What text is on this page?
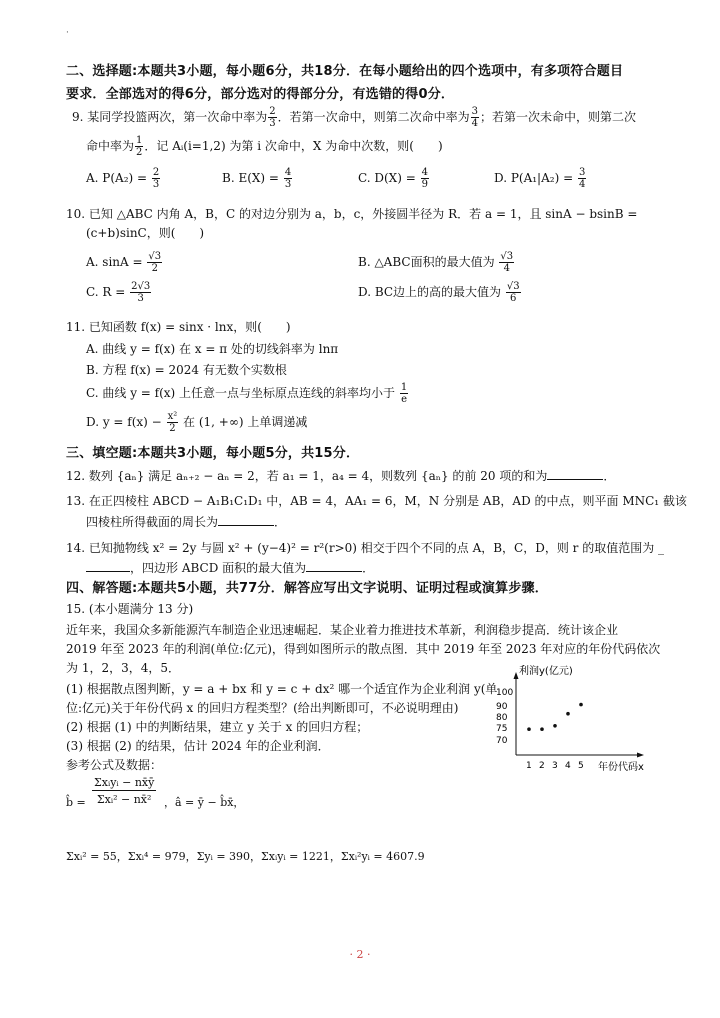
·
二、选择题:本题共3小题，每小题6分，共18分．在每小题给出的四个选项中，有多项符合题目
要求．全部选对的得6分，部分选对的得部分分，有选错的得0分．
9. 某同学投篮两次，第一次命中率为 $\frac{2}{3}$ ．若第一次命中，则第二次命中率为 $\frac{3}{4}$ ；若第一次未命中，则第二次
命中率为 $\frac{1}{2}$ ．记 Aᵢ(i=1,2) 为第 i 次命中，X 为命中次数，则(　　)
A. $P(A_2) = \frac{2}{3}$	B. $E(X) = \frac{4}{3}$	C. $D(X) = \frac{4}{9}$	D. $P(A_1|A_2) = \frac{3}{4}$
10. 已知 △ABC 内角 A，B，C 的对边分别为 a，b，c，外接圆半径为 R．若 a = 1，且 sinA − bsinB =
(c+b)sinC，则(　　)
A. $\sin A = \frac{√3}{2}$	B. △ABC面积的最大值为 $\frac{√3}{4}$
C. $R = \frac{2√3}{3}$	D. BC边上的高的最大值为 $\frac{√3}{6}$
11. 已知函数 f(x) = sinx · lnx，则(　　)
A. 曲线 y = f(x) 在 x = π 处的切线斜率为 lnπ
B. 方程 f(x) = 2024 有无数个实数根
C. 曲线 y = f(x) 上任意一点与坐标原点连线的斜率均小于 $\frac{1}{e}$
D. $y = f(x) - \frac{\text{x²}}{2}$ 在 (1, +∞) 上单调递减
三、填空题:本题共3小题，每小题5分，共15分．
12. 数列 {aₙ} 满足 aₙ₊₂ − aₙ = 2，若 a₁ = 1，a₄ = 4，则数列 {aₙ} 的前 20 项的和为	．
13. 在正四棱柱 ABCD − A₁B₁C₁D₁ 中，AB = 4，AA₁ = 6，M，N 分别是 AB，AD 的中点，则平面 MNC₁ 截该
四棱柱所得截面的周长为	．
14. 已知抛物线 x² = 2y 与圆 x² + (y−4)² = r²(r>0) 相交于四个不同的点 A，B，C，D，则 r 的取值范围为 _
，四边形 ABCD 面积的最大值为	．
四、解答题:本题共5小题，共77分．解答应写出文字说明、证明过程或演算步骤．
15. (本小题满分 13 分)
近年来，我国众多新能源汽车制造企业迅速崛起．某企业着力推进技术革新，利润稳步提高．统计该企业
2019 年至 2023 年的利润(单位:亿元)，得到如图所示的散点图．其中 2019 年至 2023 年对应的年份代码依次
为 1，2，3，4，5．
(1) 根据散点图判断，y = a + bx 和 y = c + dx² 哪一个适宜作为企业利润 y(单
位:亿元)关于年份代码 x 的回归方程类型？(给出判断即可，不必说明理由)
(2) 根据 (1) 中的判断结果，建立 y 关于 x 的回归方程；
(3) 根据 (2) 的结果，估计 2024 年的企业利润．
参考公式及数据：
b̂ =
Σxᵢyᵢ − nx̄ȳ
Σxᵢ² − nx̄²	，â = ȳ − b̂x̄，
Σxᵢ² = 55，Σxᵢ⁴ = 979，Σyᵢ = 390，Σxᵢyᵢ = 1221，Σxᵢ²yᵢ = 4607.9
利润y(亿元)
年份代码x
70
75
80
90
100
1 2 3 4 5
· 2 ·
